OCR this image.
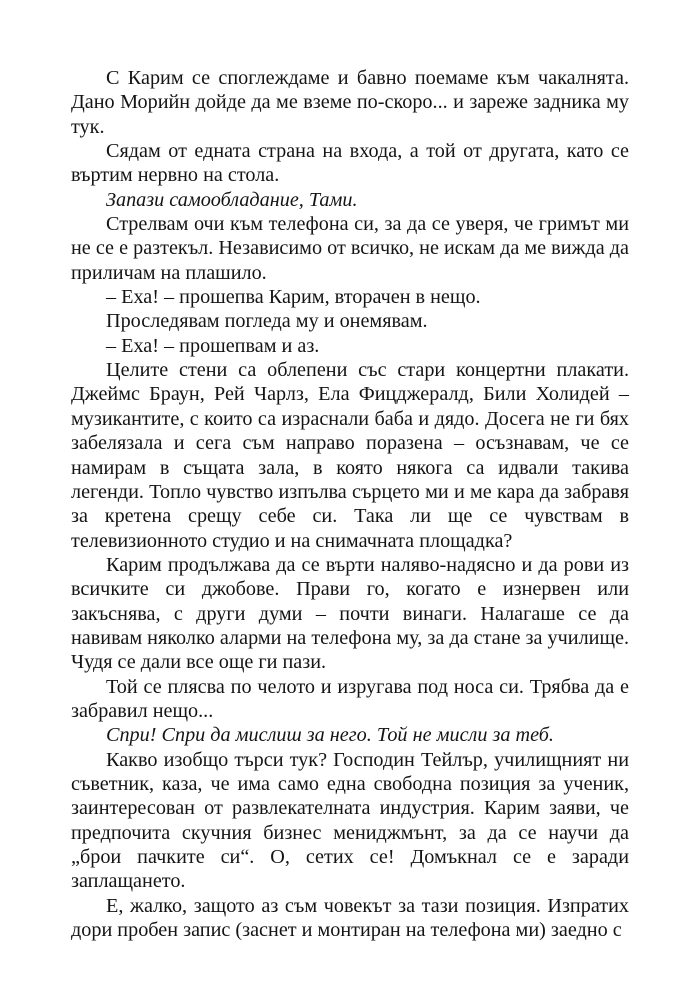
С Карим се споглеждаме и бавно поемаме към чакалнята. Дано Морийн дойде да ме вземе по-скоро... и зареже задника му тук.

Сядам от едната страна на входа, а той от другата, като се въртим нервно на стола.

Запази самообладание, Тами.

Стрелвам очи към телефона си, за да се уверя, че гримът ми не се е разтекъл. Независимо от всичко, не искам да ме вижда да приличам на плашило.

– Еха! – прошепва Карим, вторачен в нещо.

Проследявам погледа му и онемявам.

– Еха! – прошепвам и аз.

Целите стени са облепени със стари концертни плакати. Джеймс Браун, Рей Чарлз, Ела Фицджералд, Били Холидей – музикантите, с които са израснали баба и дядо. Досега не ги бях забелязала и сега съм направо поразена – осъзнавам, че се намирам в същата зала, в която някога са идвали такива легенди. Топло чувство изпълва сърцето ми и ме кара да забравя за кретена срещу себе си. Така ли ще се чувствам в телевизионното студио и на снимачната площадка?

Карим продължава да се върти наляво-надясно и да рови из всичките си джобове. Прави го, когато е изнервен или закъснява, с други думи – почти винаги. Налагаше се да навивам няколко аларми на телефона му, за да стане за училище. Чудя се дали все още ги пази.

Той се плясва по челото и изругава под носа си. Трябва да е забравил нещо...

Спри! Спри да мислиш за него. Той не мисли за теб.

Какво изобщо търси тук? Господин Тейлър, училищният ни съветник, каза, че има само една свободна позиция за ученик, заинтересован от развлекателната индустрия. Карим заяви, че предпочита скучния бизнес мениджмънт, за да се научи да „брои пачките си“. О, сетих се! Домъкнал се е заради заплащането.

Е, жалко, защото аз съм човекът за тази позиция. Изпратих дори пробен запис (заснет и монтиран на телефона ми) заедно с
